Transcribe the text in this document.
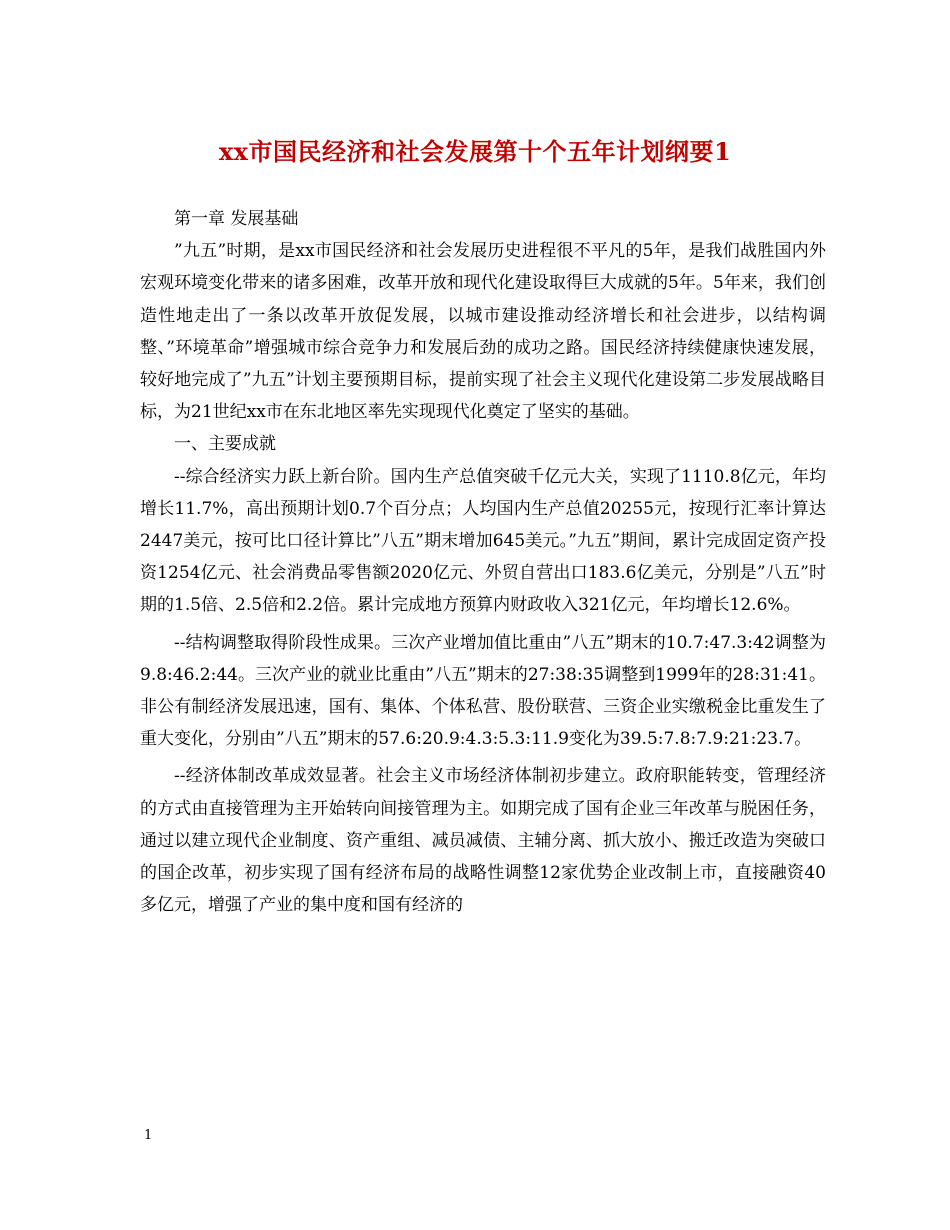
xx市国民经济和社会发展第十个五年计划纲要1

第一章 发展基础

”九五”时期，是xx市国民经济和社会发展历史进程很不平凡的5年，是我们战胜国内外宏观环境变化带来的诸多困难，改革开放和现代化建设取得巨大成就的5年。5年来，我们创造性地走出了一条以改革开放促发展，以城市建设推动经济增长和社会进步，以结构调整、”环境革命”增强城市综合竞争力和发展后劲的成功之路。国民经济持续健康快速发展，较好地完成了”九五”计划主要预期目标，提前实现了社会主义现代化建设第二步发展战略目标，为21世纪xx市在东北地区率先实现现代化奠定了坚实的基础。

一、主要成就

--综合经济实力跃上新台阶。国内生产总值突破千亿元大关，实现了1110.8亿元，年均增长11.7%，高出预期计划0.7个百分点；人均国内生产总值20255元，按现行汇率计算达2447美元，按可比口径计算比”八五”期末增加645美元。”九五”期间，累计完成固定资产投资1254亿元、社会消费品零售额2020亿元、外贸自营出口183.6亿美元，分别是”八五”时期的1.5倍、2.5倍和2.2倍。累计完成地方预算内财政收入321亿元，年均增长12.6%。

--结构调整取得阶段性成果。三次产业增加值比重由”八五”期末的10.7:47.3:42调整为9.8:46.2:44。三次产业的就业比重由”八五”期末的27:38:35调整到1999年的28:31:41。非公有制经济发展迅速，国有、集体、个体私营、股份联营、三资企业实缴税金比重发生了重大变化，分别由”八五”期末的57.6:20.9:4.3:5.3:11.9变化为39.5:7.8:7.9:21:23.7。

--经济体制改革成效显著。社会主义市场经济体制初步建立。政府职能转变，管理经济的方式由直接管理为主开始转向间接管理为主。如期完成了国有企业三年改革与脱困任务，通过以建立现代企业制度、资产重组、减员减债、主辅分离、抓大放小、搬迁改造为突破口的国企改革，初步实现了国有经济布局的战略性调整12家优势企业改制上市，直接融资40多亿元，增强了产业的集中度和国有经济的

1
